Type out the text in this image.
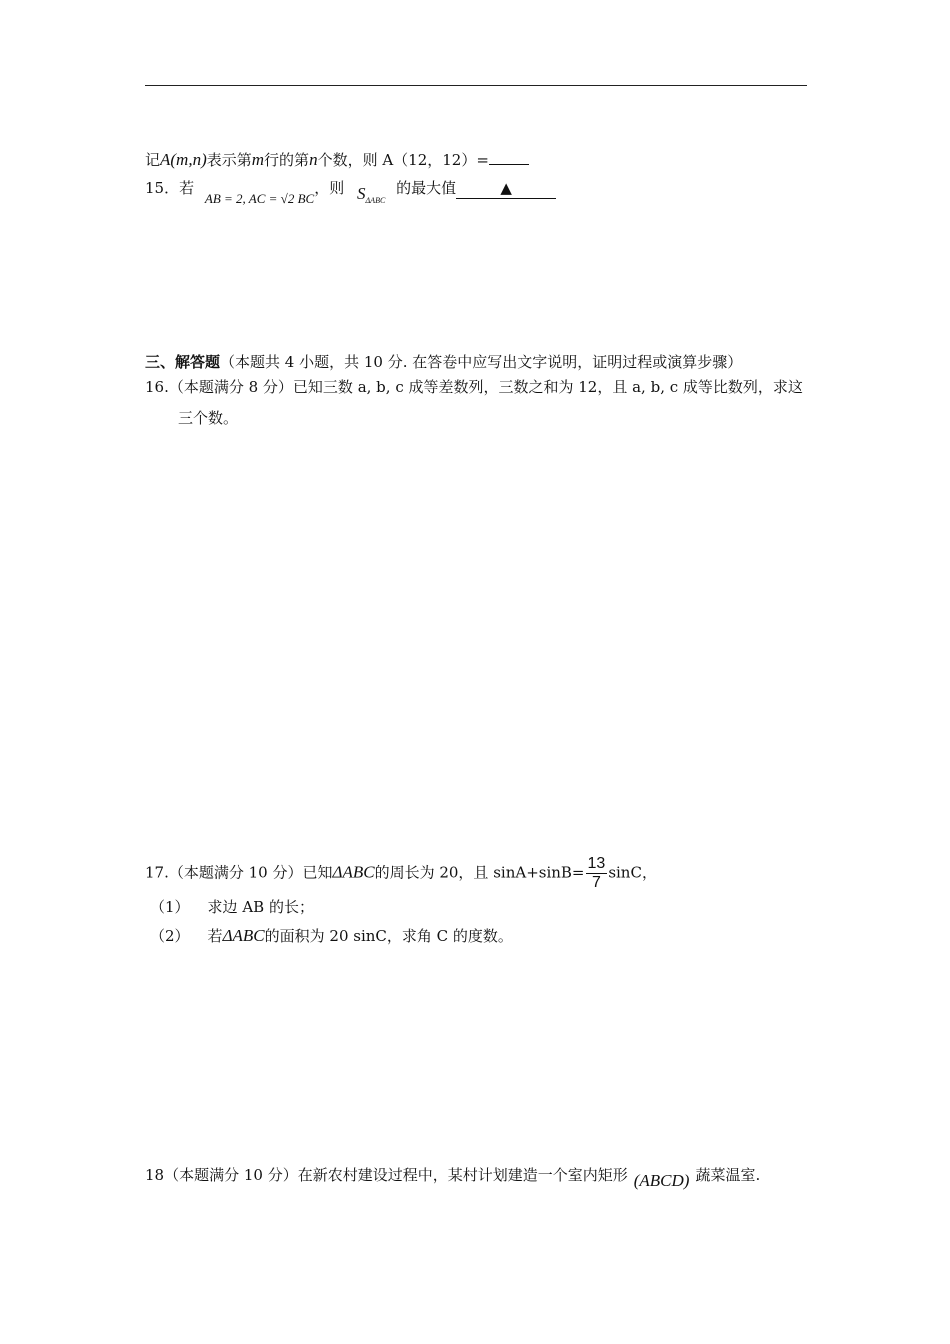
记A(m,n)表示第m行的第n个数，则 A（12，12）=
15．若 AB = 2, AC = √2 BC，则 $S_{\Delta ABC}$ 的最大值	▲
三、解答题（本题共 4 小题，共 10 分. 在答卷中应写出文字说明，证明过程或演算步骤）
16.（本题满分 8 分）已知三数 a, b, c 成等差数列，三数之和为 12，且 a, b, c 成等比数列，求这
三个数。
17.（本题满分 10 分）已知ΔABC的周长为 20，且 $\sin A+\sin B= \frac{13}{7}$ sinC，
（1） 求边 AB 的长；
（2） 若ΔABC的面积为 20 sinC，求角 C 的度数。
18（本题满分 10 分）在新农村建设过程中，某村计划建造一个室内矩形 (ABCD) 蔬菜温室.
